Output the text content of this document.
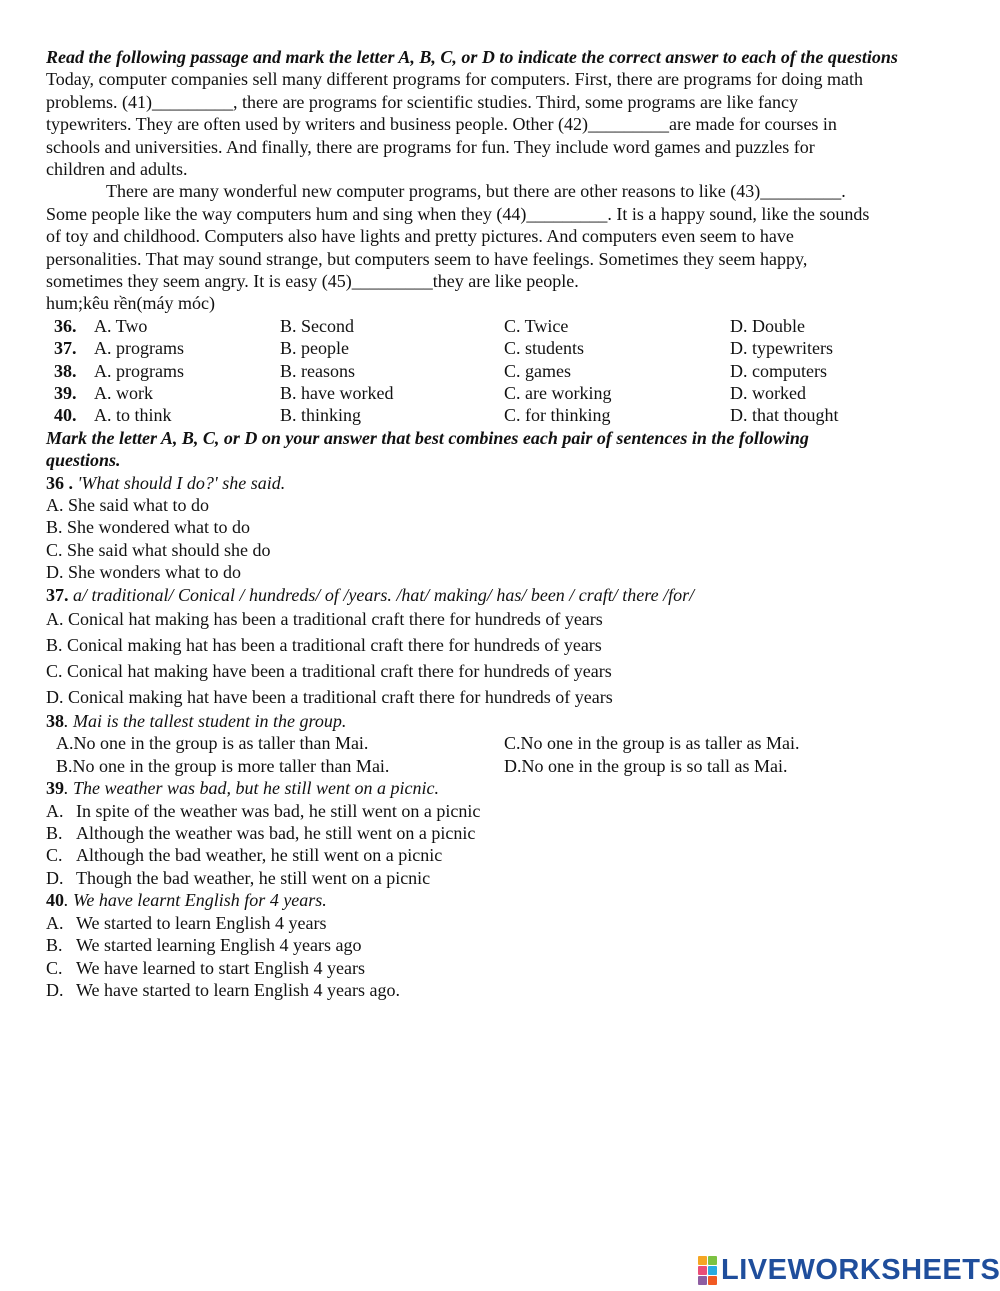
Read the following passage and mark the letter A, B, C, or D to indicate the correct answer to each of the questions
Today, computer companies sell many different programs for computers. First, there are programs for doing math
problems. (41)_________, there are programs for scientific studies. Third, some programs are like fancy
typewriters. They are often used by writers and business people. Other (42)_________are made for courses in
schools and universities. And finally, there are programs for fun. They include word games and puzzles for
children and adults.
There are many wonderful new computer programs, but there are other reasons to like (43)_________.
Some people like the way computers hum and sing when they (44)_________. It is a happy sound, like the sounds
of toy and childhood. Computers also have lights and pretty pictures. And computers even seem to have
personalities. That may sound strange, but computers seem to have feelings. Sometimes they seem happy,
sometimes they seem angry. It is easy (45)_________they are like people.
hum;kêu rền(máy móc)
36. A. Two	B. Second	C. Twice	D. Double
37. A. programs	B. people	C. students	D. typewriters
38. A. programs	B. reasons	C. games	D. computers
39. A. work	B. have worked	C. are working	D. worked
40. A. to think	B. thinking	C. for thinking	D. that thought
Mark the letter A, B, C, or D on your answer that best combines each pair of sentences in the following
questions.
36 . 'What should I do?' she said.
A. She said what to do
B. She wondered what to do
C. She said what should she do
D. She wonders what to do
37. a/ traditional/ Conical / hundreds/ of /years. /hat/ making/ has/ been / craft/ there /for/
A. Conical hat making has been a traditional craft there for hundreds of years
B. Conical making hat has been a traditional craft there for hundreds of years
C. Conical hat making have been a traditional craft there for hundreds of years
D. Conical making hat have been a traditional craft there for hundreds of years
38. Mai is the tallest student in the group.
A.No one in the group is as taller than Mai.	C.No one in the group is as taller as Mai.
B.No one in the group is more taller than Mai.	D.No one in the group is so tall as Mai.
39. The weather was bad, but he still went on a picnic.
A. In spite of the weather was bad, he still went on a picnic
B. Although the weather was bad, he still went on a picnic
C. Although the bad weather, he still went on a picnic
D. Though the bad weather, he still went on a picnic
40. We have learnt English for 4 years.
A. We started to learn English 4 years
B. We started learning English 4 years ago
C. We have learned to start English 4 years
D. We have started to learn English 4 years ago.
LIVEWORKSHEETS
